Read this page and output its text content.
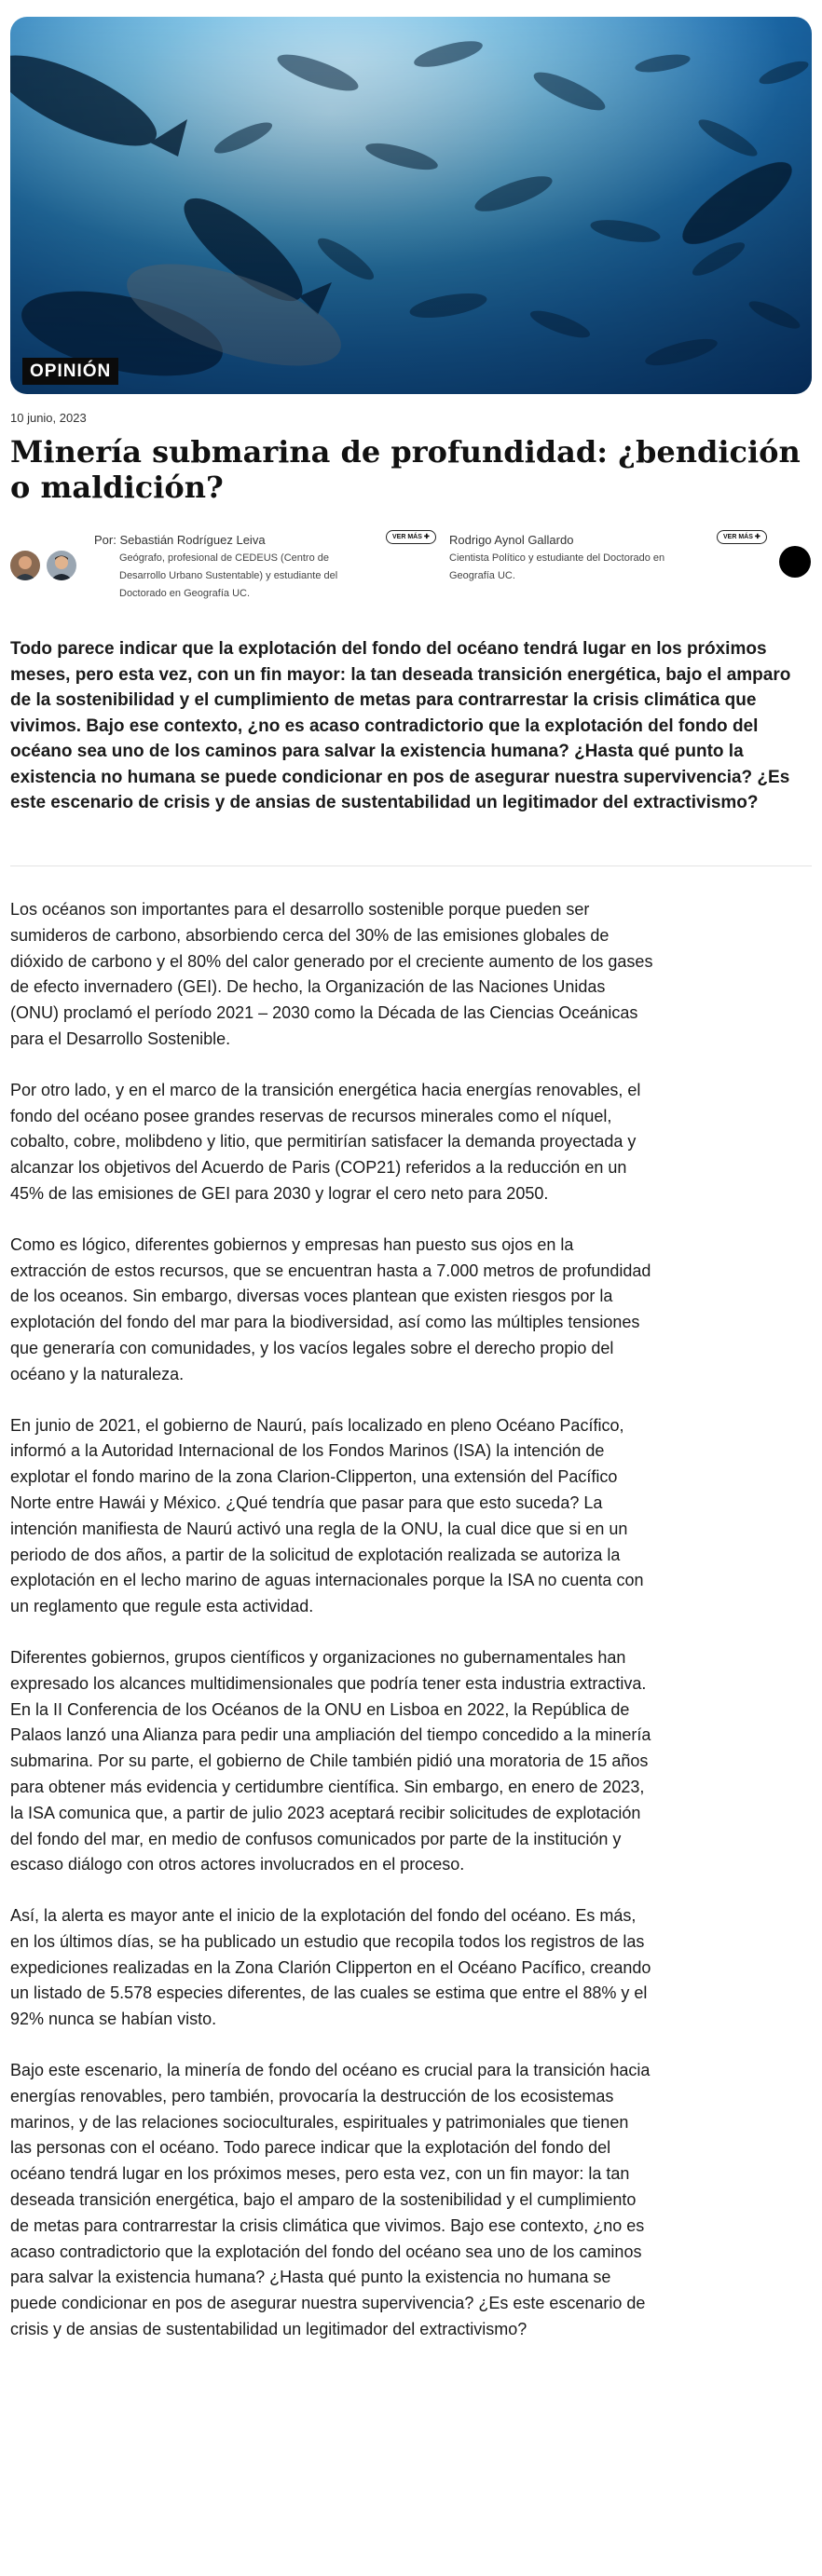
OPINIÓN
10 junio, 2023
Minería submarina de profundidad: ¿bendición o maldición?
Por: Sebastián Rodríguez Leiva
Geógrafo, profesional de CEDEUS (Centro de
Desarrollo Urbano Sustentable) y estudiante del
Doctorado en Geografía UC.
VER MÁS ✚	Rodrigo Aynol Gallardo
Cientista Político y estudiante del Doctorado en
Geografía UC.
VER MÁS ✚

Todo parece indicar que la explotación del fondo del océano tendrá lugar en los próximos meses, pero esta vez, con un fin mayor: la tan deseada transición energética, bajo el amparo de la sostenibilidad y el cumplimiento de metas para contrarrestar la crisis climática que vivimos. Bajo ese contexto, ¿no es acaso contradictorio que la explotación del fondo del océano sea uno de los caminos para salvar la existencia humana? ¿Hasta qué punto la existencia no humana se puede condicionar en pos de asegurar nuestra supervivencia? ¿Es este escenario de crisis y de ansias de sustentabilidad un legitimador del extractivismo?

Los océanos son importantes para el desarrollo sostenible porque pueden ser sumideros de carbono, absorbiendo cerca del 30% de las emisiones globales de dióxido de carbono y el 80% del calor generado por el creciente aumento de los gases de efecto invernadero (GEI). De hecho, la Organización de las Naciones Unidas (ONU) proclamó el período 2021 – 2030 como la Década de las Ciencias Oceánicas para el Desarrollo Sostenible.

Por otro lado, y en el marco de la transición energética hacia energías renovables, el fondo del océano posee grandes reservas de recursos minerales como el níquel, cobalto, cobre, molibdeno y litio, que permitirían satisfacer la demanda proyectada y alcanzar los objetivos del Acuerdo de Paris (COP21) referidos a la reducción en un 45% de las emisiones de GEI para 2030 y lograr el cero neto para 2050.

Como es lógico, diferentes gobiernos y empresas han puesto sus ojos en la extracción de estos recursos, que se encuentran hasta a 7.000 metros de profundidad de los oceanos. Sin embargo, diversas voces plantean que existen riesgos por la explotación del fondo del mar para la biodiversidad, así como las múltiples tensiones que generaría con comunidades, y los vacíos legales sobre el derecho propio del océano y la naturaleza.

En junio de 2021, el gobierno de Naurú, país localizado en pleno Océano Pacífico, informó a la Autoridad Internacional de los Fondos Marinos (ISA) la intención de explotar el fondo marino de la zona Clarion-Clipperton, una extensión del Pacífico Norte entre Hawái y México. ¿Qué tendría que pasar para que esto suceda? La intención manifiesta de Naurú activó una regla de la ONU, la cual dice que si en un periodo de dos años, a partir de la solicitud de explotación realizada se autoriza la explotación en el lecho marino de aguas internacionales porque la ISA no cuenta con un reglamento que regule esta actividad.

Diferentes gobiernos, grupos científicos y organizaciones no gubernamentales han expresado los alcances multidimensionales que podría tener esta industria extractiva. En la II Conferencia de los Océanos de la ONU en Lisboa en 2022, la República de Palaos lanzó una Alianza para pedir una ampliación del tiempo concedido a la minería submarina. Por su parte, el gobierno de Chile también pidió una moratoria de 15 años para obtener más evidencia y certidumbre científica. Sin embargo, en enero de 2023, la ISA comunica que, a partir de julio 2023 aceptará recibir solicitudes de explotación del fondo del mar, en medio de confusos comunicados por parte de la institución y escaso diálogo con otros actores involucrados en el proceso.

Así, la alerta es mayor ante el inicio de la explotación del fondo del océano. Es más, en los últimos días, se ha publicado un estudio que recopila todos los registros de las expediciones realizadas en la Zona Clarión Clipperton en el Océano Pacífico, creando un listado de 5.578 especies diferentes, de las cuales se estima que entre el 88% y el 92% nunca se habían visto.

Bajo este escenario, la minería de fondo del océano es crucial para la transición hacia energías renovables, pero también, provocaría la destrucción de los ecosistemas marinos, y de las relaciones socioculturales, espirituales y patrimoniales que tienen las personas con el océano. Todo parece indicar que la explotación del fondo del océano tendrá lugar en los próximos meses, pero esta vez, con un fin mayor: la tan deseada transición energética, bajo el amparo de la sostenibilidad y el cumplimiento de metas para contrarrestar la crisis climática que vivimos. Bajo ese contexto, ¿no es acaso contradictorio que la explotación del fondo del océano sea uno de los caminos para salvar la existencia humana? ¿Hasta qué punto la existencia no humana se puede condicionar en pos de asegurar nuestra supervivencia? ¿Es este escenario de crisis y de ansias de sustentabilidad un legitimador del extractivismo?
